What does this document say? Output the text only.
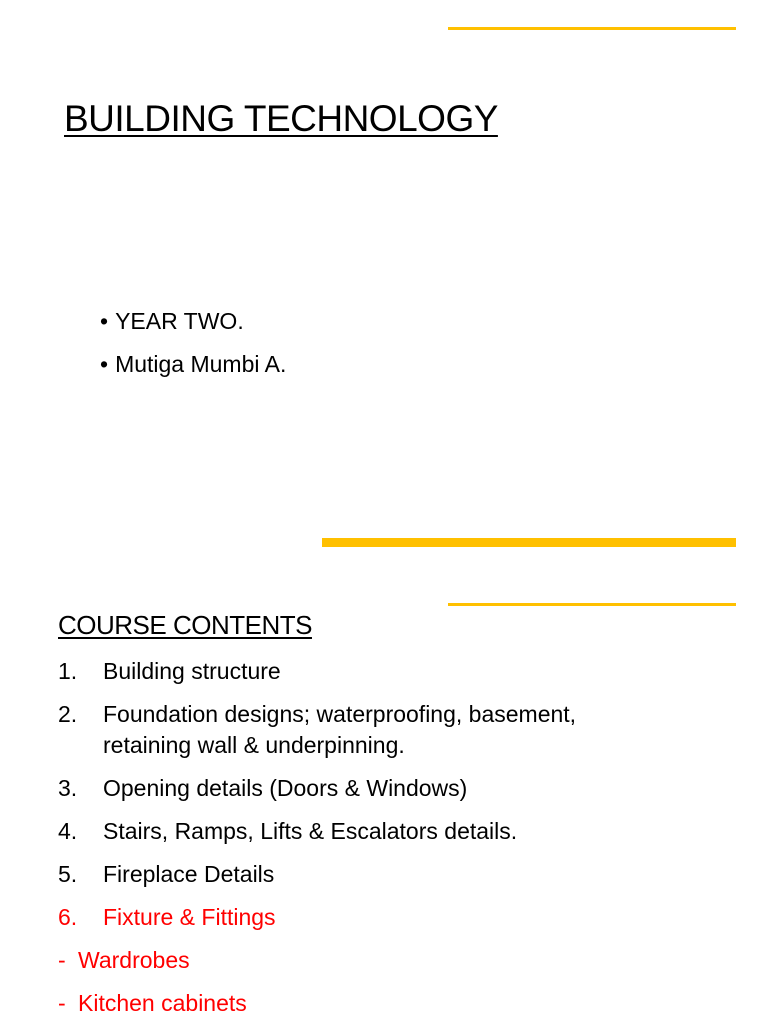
BUILDING TECHNOLOGY
• YEAR TWO.
• Mutiga Mumbi A.
COURSE CONTENTS
1. Building structure
2. Foundation designs; waterproofing, basement,
retaining wall & underpinning.
3. Opening details (Doors & Windows)
4. Stairs, Ramps, Lifts & Escalators details.
5. Fireplace Details
6. Fixture & Fittings
- Wardrobes
- Kitchen cabinets
